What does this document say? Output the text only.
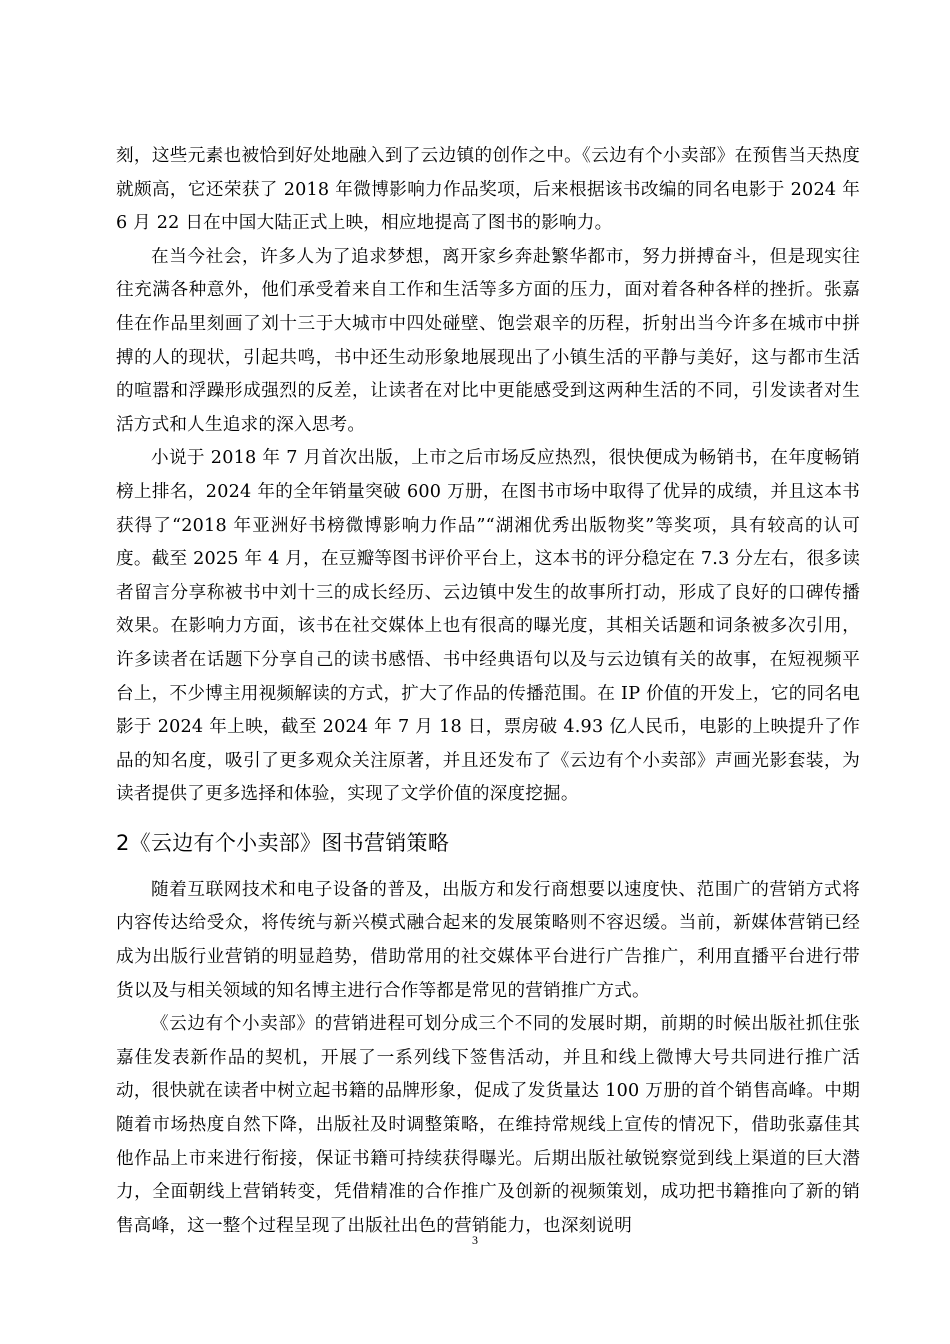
刻，这些元素也被恰到好处地融入到了云边镇的创作之中。《云边有个小卖部》在预售当天热度就颇高，它还荣获了 2018 年微博影响力作品奖项，后来根据该书改编的同名电影于 2024 年 6 月 22 日在中国大陆正式上映，相应地提高了图书的影响力。

在当今社会，许多人为了追求梦想，离开家乡奔赴繁华都市，努力拼搏奋斗，但是现实往往充满各种意外，他们承受着来自工作和生活等多方面的压力，面对着各种各样的挫折。张嘉佳在作品里刻画了刘十三于大城市中四处碰壁、饱尝艰辛的历程，折射出当今许多在城市中拼搏的人的现状，引起共鸣，书中还生动形象地展现出了小镇生活的平静与美好，这与都市生活的喧嚣和浮躁形成强烈的反差，让读者在对比中更能感受到这两种生活的不同，引发读者对生活方式和人生追求的深入思考。

小说于 2018 年 7 月首次出版，上市之后市场反应热烈，很快便成为畅销书，在年度畅销榜上排名，2024 年的全年销量突破 600 万册，在图书市场中取得了优异的成绩，并且这本书获得了“2018 年亚洲好书榜微博影响力作品”“湖湘优秀出版物奖”等奖项，具有较高的认可度。截至 2025 年 4 月，在豆瓣等图书评价平台上，这本书的评分稳定在 7.3 分左右，很多读者留言分享称被书中刘十三的成长经历、云边镇中发生的故事所打动，形成了良好的口碑传播效果。在影响力方面，该书在社交媒体上也有很高的曝光度，其相关话题和词条被多次引用，许多读者在话题下分享自己的读书感悟、书中经典语句以及与云边镇有关的故事，在短视频平台上，不少博主用视频解读的方式，扩大了作品的传播范围。在 IP 价值的开发上，它的同名电影于 2024 年上映，截至 2024 年 7 月 18 日，票房破 4.93 亿人民币，电影的上映提升了作品的知名度，吸引了更多观众关注原著，并且还发布了《云边有个小卖部》声画光影套装，为读者提供了更多选择和体验，实现了文学价值的深度挖掘。

2《云边有个小卖部》图书营销策略

随着互联网技术和电子设备的普及，出版方和发行商想要以速度快、范围广的营销方式将内容传达给受众，将传统与新兴模式融合起来的发展策略则不容迟缓。当前，新媒体营销已经成为出版行业营销的明显趋势，借助常用的社交媒体平台进行广告推广，利用直播平台进行带货以及与相关领域的知名博主进行合作等都是常见的营销推广方式。

《云边有个小卖部》的营销进程可划分成三个不同的发展时期，前期的时候出版社抓住张嘉佳发表新作品的契机，开展了一系列线下签售活动，并且和线上微博大号共同进行推广活动，很快就在读者中树立起书籍的品牌形象，促成了发货量达 100 万册的首个销售高峰。中期随着市场热度自然下降，出版社及时调整策略，在维持常规线上宣传的情况下，借助张嘉佳其他作品上市来进行衔接，保证书籍可持续获得曝光。后期出版社敏锐察觉到线上渠道的巨大潜力，全面朝线上营销转变，凭借精准的合作推广及创新的视频策划，成功把书籍推向了新的销售高峰，这一整个过程呈现了出版社出色的营销能力，也深刻说明

3
